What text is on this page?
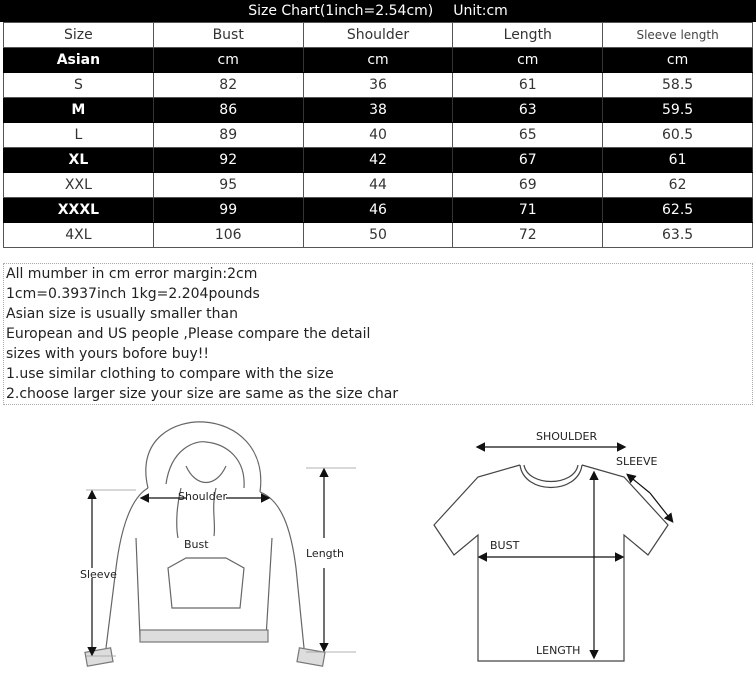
Size Chart(1inch=2.54cm) Unit:cm
Size	Bust	Shoulder	Length	Sleeve length
Asian	cm	cm	cm	cm
S	82	36	61	58.5
M	86	38	63	59.5
L	89	40	65	60.5
XL	92	42	67	61
XXL	95	44	69	62
XXXL	99	46	71	62.5
4XL	106	50	72	63.5
All mumber in cm error margin:2cm
1cm=0.3937inch 1kg=2.204pounds
Asian size is usually smaller than
European and US people ,Please compare the detail
sizes with yours bofore buy!!
1.use similar clothing to compare with the size
2.choose larger size your size are same as the size char
Shoulder
Bust
Length
Sleeve
SHOULDER
SLEEVE
BUST
LENGTH
